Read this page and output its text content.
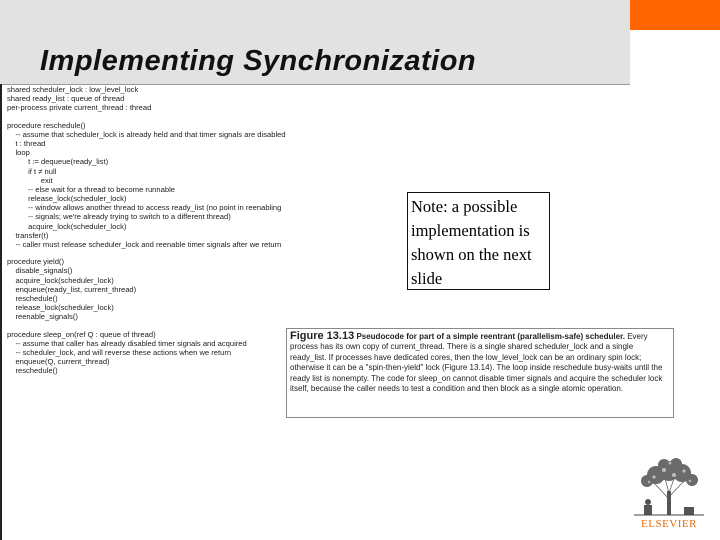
Implementing Synchronization
shared scheduler_lock : low_level_lock
shared ready_list : queue of thread
per-process private current_thread : thread
procedure reschedule()
-- assume that scheduler_lock is already held and that timer signals are disabled
t : thread
loop
t := dequeue(ready_list)
if t ≠ null
exit
-- else wait for a thread to become runnable
release_lock(scheduler_lock)
-- window allows another thread to access ready_list (no point in reenabling
-- signals; we're already trying to switch to a different thread)
acquire_lock(scheduler_lock)
transfer(t)
-- caller must release scheduler_lock and reenable timer signals after we return
procedure yield()
disable_signals()
acquire_lock(scheduler_lock)
enqueue(ready_list, current_thread)
reschedule()
release_lock(scheduler_lock)
reenable_signals()
procedure sleep_on(ref Q : queue of thread)
-- assume that caller has already disabled timer signals and acquired
-- scheduler_lock, and will reverse these actions when we return
enqueue(Q, current_thread)
reschedule()
Note: a possible implementation is shown on the next slide
Figure 13.13 Pseudocode for part of a simple reentrant (parallelism-safe) scheduler. Every process has its own copy of current_thread. There is a single shared scheduler_lock and a single ready_list. If processes have dedicated cores, then the low_level_lock can be an ordinary spin lock; otherwise it can be a "spin-then-yield" lock (Figure 13.14). The loop inside reschedule busy-waits until the ready list is nonempty. The code for sleep_on cannot disable timer signals and acquire the scheduler lock itself, because the caller needs to test a condition and then block as a single atomic operation.
ELSEVIER
